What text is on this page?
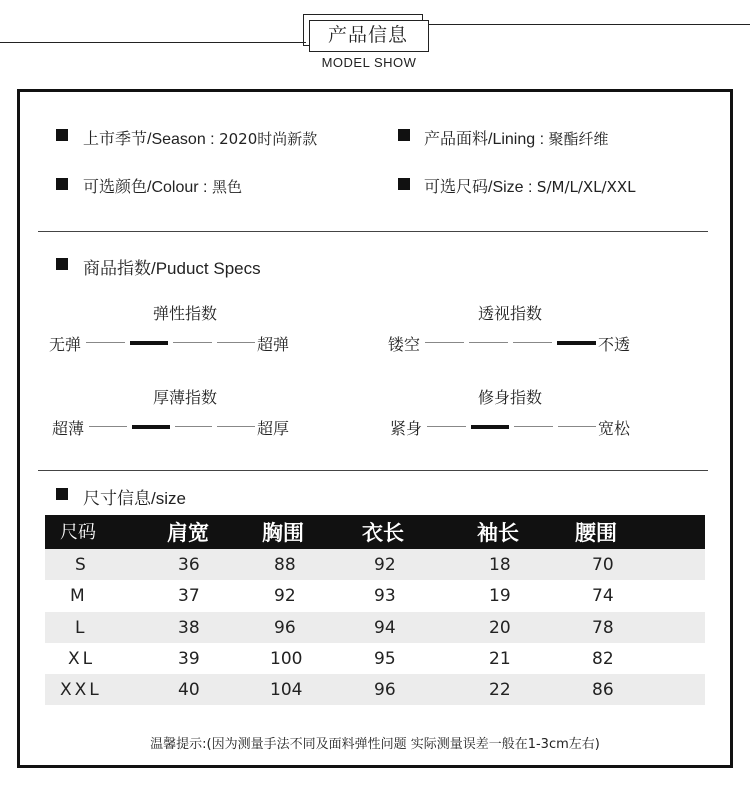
产品信息
MODEL SHOW
上市季节/Season : 2020时尚新款	产品面料/Lining : 聚酯纤维
可选颜色/Colour : 黑色	可选尺码/Size : S/M/L/XL/XXL
商品指数/Puduct Specs
弹性指数
无弹	超弹
透视指数
镂空	不透
厚薄指数
超薄	超厚
修身指数
紧身	宽松
尺寸信息/size
尺码	肩宽	胸围	衣长	袖长	腰围
S	36	88	92	18	70
M	37	92	93	19	74
L	38	96	94	20	78
XL	39	100	95	21	82
XXL	40	104	96	22	86
温馨提示:(因为测量手法不同及面料弹性问题 实际测量误差一般在1-3cm左右)
